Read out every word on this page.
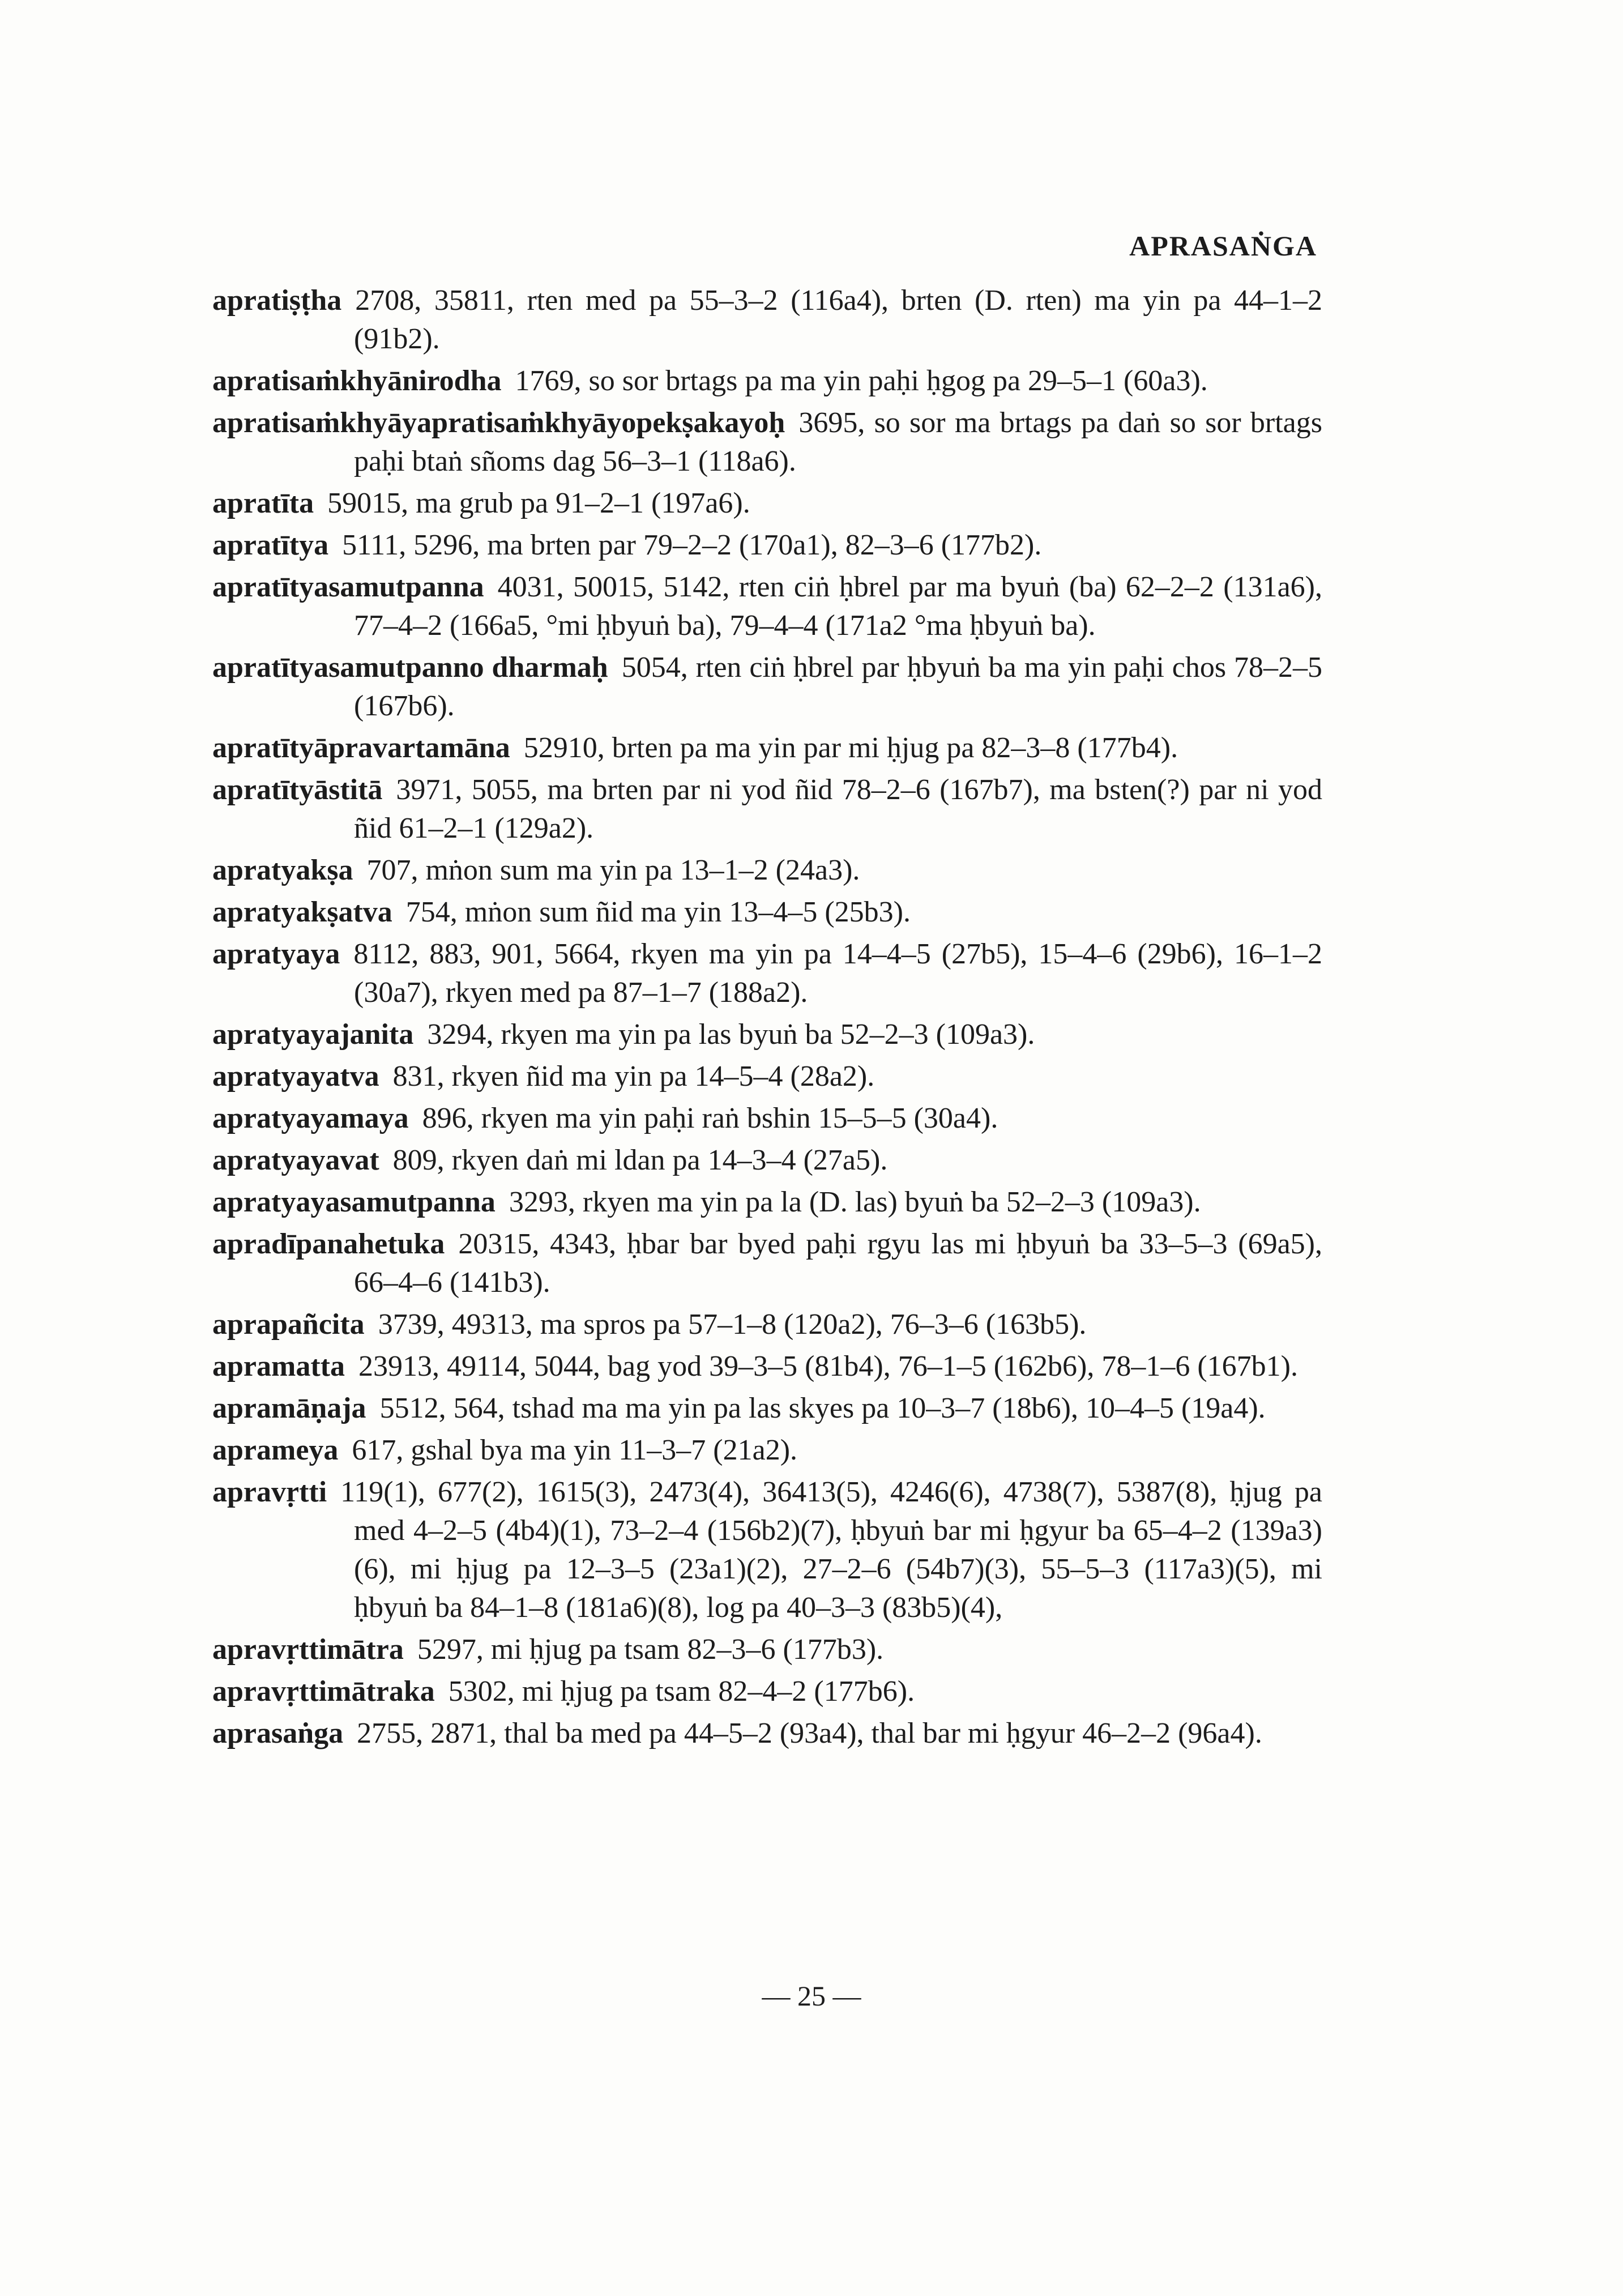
APRASAṄGA
apratiṣṭha 2708, 35811, rten med pa 55–3–2 (116a4), brten (D. rten) ma yin pa 44–1–2 (91b2).
apratisaṁkhyānirodha 1769, so sor brtags pa ma yin paḥi ḥgog pa 29–5–1 (60a3).
apratisaṁkhyāyapratisaṁkhyāyopekṣakayoḥ 3695, so sor ma brtags pa daṅ so sor brtags paḥi btaṅ sñoms dag 56–3–1 (118a6).
apratīta 59015, ma grub pa 91–2–1 (197a6).
apratītya 5111, 5296, ma brten par 79–2–2 (170a1), 82–3–6 (177b2).
apratītyasamutpanna 4031, 50015, 5142, rten ciṅ ḥbrel par ma byuṅ (ba) 62–2–2 (131a6), 77–4–2 (166a5, °mi ḥbyuṅ ba), 79–4–4 (171a2 °ma ḥbyuṅ ba).
apratītyasamutpanno dharmaḥ 5054, rten ciṅ ḥbrel par ḥbyuṅ ba ma yin paḥi chos 78–2–5 (167b6).
apratītyāpravartamāna 52910, brten pa ma yin par mi ḥjug pa 82–3–8 (177b4).
apratītyāstitā 3971, 5055, ma brten par ni yod ñid 78–2–6 (167b7), ma bsten(?) par ni yod ñid 61–2–1 (129a2).
apratyakṣa 707, mṅon sum ma yin pa 13–1–2 (24a3).
apratyakṣatva 754, mṅon sum ñid ma yin 13–4–5 (25b3).
apratyaya 8112, 883, 901, 5664, rkyen ma yin pa 14–4–5 (27b5), 15–4–6 (29b6), 16–1–2 (30a7), rkyen med pa 87–1–7 (188a2).
apratyayajanita 3294, rkyen ma yin pa las byuṅ ba 52–2–3 (109a3).
apratyayatva 831, rkyen ñid ma yin pa 14–5–4 (28a2).
apratyayamaya 896, rkyen ma yin paḥi raṅ bshin 15–5–5 (30a4).
apratyayavat 809, rkyen daṅ mi ldan pa 14–3–4 (27a5).
apratyayasamutpanna 3293, rkyen ma yin pa la (D. las) byuṅ ba 52–2–3 (109a3).
apradīpanahetuka 20315, 4343, ḥbar bar byed paḥi rgyu las mi ḥbyuṅ ba 33–5–3 (69a5), 66–4–6 (141b3).
aprapañcita 3739, 49313, ma spros pa 57–1–8 (120a2), 76–3–6 (163b5).
apramatta 23913, 49114, 5044, bag yod 39–3–5 (81b4), 76–1–5 (162b6), 78–1–6 (167b1).
apramāṇaja 5512, 564, tshad ma ma yin pa las skyes pa 10–3–7 (18b6), 10–4–5 (19a4).
aprameya 617, gshal bya ma yin 11–3–7 (21a2).
apravṛtti 119(1), 677(2), 1615(3), 2473(4), 36413(5), 4246(6), 4738(7), 5387(8), ḥjug pa med 4–2–5 (4b4)(1), 73–2–4 (156b2)(7), ḥbyuṅ bar mi ḥgyur ba 65–4–2 (139a3)(6), mi ḥjug pa 12–3–5 (23a1)(2), 27–2–6 (54b7)(3), 55–5–3 (117a3)(5), mi ḥbyuṅ ba 84–1–8 (181a6)(8), log pa 40–3–3 (83b5)(4),
apravṛttimātra 5297, mi ḥjug pa tsam 82–3–6 (177b3).
apravṛttimātraka 5302, mi ḥjug pa tsam 82–4–2 (177b6).
aprasaṅga 2755, 2871, thal ba med pa 44–5–2 (93a4), thal bar mi ḥgyur 46–2–2 (96a4).
— 25 —
